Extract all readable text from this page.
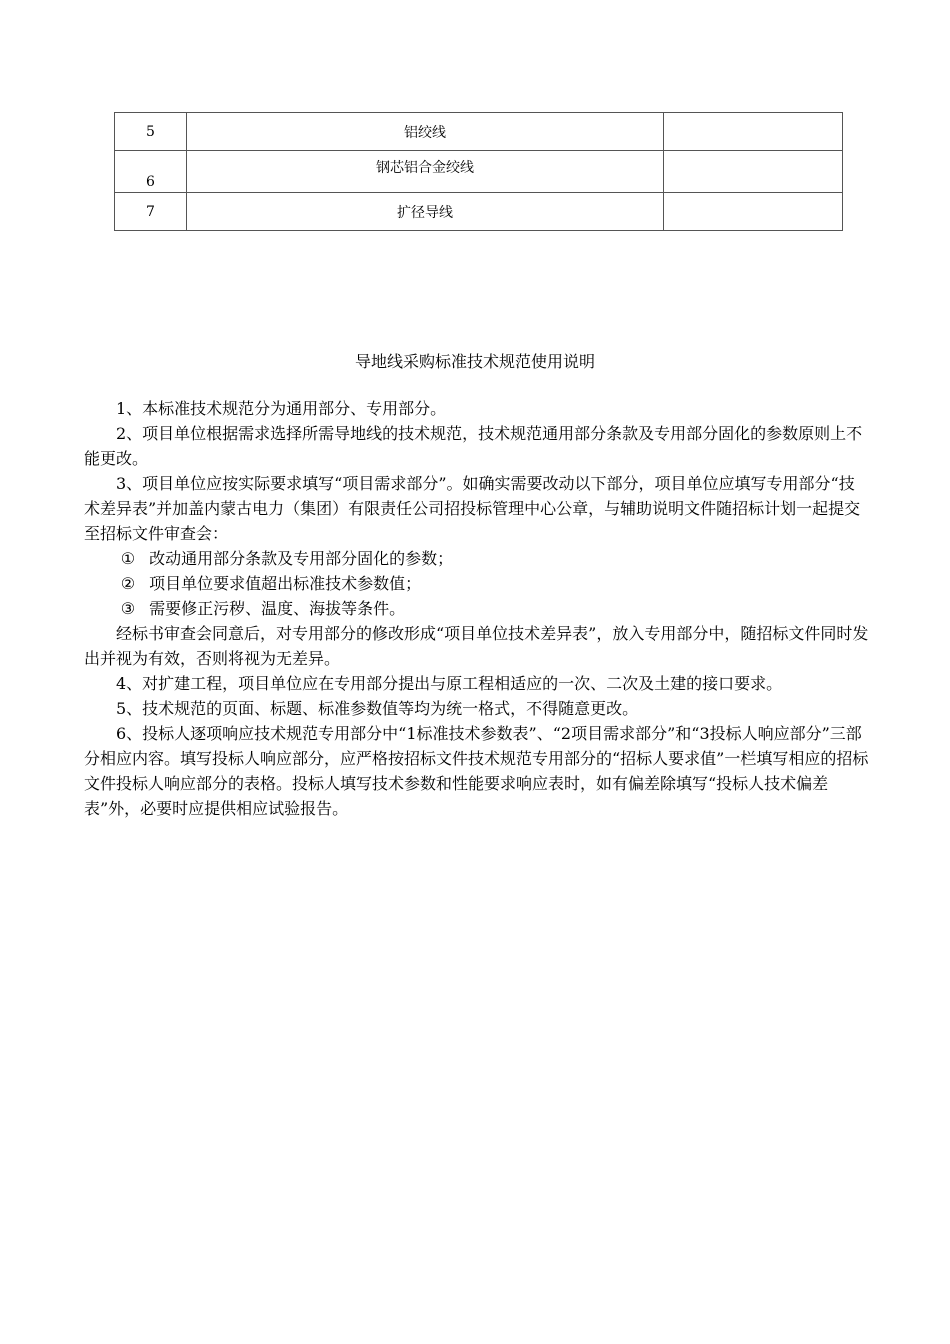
5	铝绞线	
6	钢芯铝合金绞线	
7	扩径导线	
导地线采购标准技术规范使用说明

1、本标准技术规范分为通用部分、专用部分。

2、项目单位根据需求选择所需导地线的技术规范，技术规范通用部分条款及专用部分固化的参数原则上不能更改。

3、项目单位应按实际要求填写“项目需求部分”。如确实需要改动以下部分，项目单位应填写专用部分“技术差异表”并加盖内蒙古电力（集团）有限责任公司招投标管理中心公章，与辅助说明文件随招标计划一起提交至招标文件审查会：

① 改动通用部分条款及专用部分固化的参数；

② 项目单位要求值超出标准技术参数值；

③ 需要修正污秽、温度、海拔等条件。

经标书审查会同意后，对专用部分的修改形成“项目单位技术差异表”，放入专用部分中，随招标文件同时发出并视为有效，否则将视为无差异。

4、对扩建工程，项目单位应在专用部分提出与原工程相适应的一次、二次及土建的接口要求。

5、技术规范的页面、标题、标准参数值等均为统一格式，不得随意更改。

6、投标人逐项响应技术规范专用部分中“1标准技术参数表”、“2项目需求部分”和“3投标人响应部分”三部分相应内容。填写投标人响应部分，应严格按招标文件技术规范专用部分的“招标人要求值”一栏填写相应的招标文件投标人响应部分的表格。投标人填写技术参数和性能要求响应表时，如有偏差除填写“投标人技术偏差表”外，必要时应提供相应试验报告。
